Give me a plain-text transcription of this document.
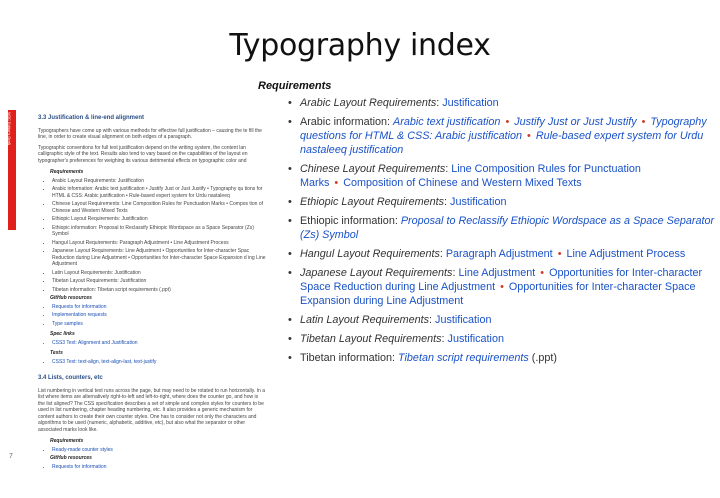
Typography index
W3C Editor's Draft	3.3 Justification & line-end alignment
Typographers have come up with various methods for effective full justification – causing the te fill the line, in order to create visual alignment on both edges of a paragraph.
Typographic conventions for full text justification depend on the writing system, the content lan calligraphic style of the text. Results also tend to vary based on the capabilities of the layout en typographer's preferences for weighing its various detrimental effects on typographic color and
Requirements
• Arabic Layout Requirements: Justification
• Arabic information: Arabic text justification • Justify Just or Just Justify • Typography qu tions for HTML & CSS: Arabic justification • Rule-based expert system for Urdu nastaleeq
• Chinese Layout Requirements: Line Composition Rules for Punctuation Marks • Compos tion of Chinese and Western Mixed Texts
• Ethiopic Layout Requirements: Justification
• Ethiopic information: Proposal to Reclassify Ethiopic Wordspace as a Space Separator (Zs) Symbol
• Hangul Layout Requirements: Paragraph Adjustment • Line Adjustment Process
• Japanese Layout Requirements: Line Adjustment • Opportunities for Inter-character Spac Reduction during Line Adjustment • Opportunities for Inter-character Space Expansion d ing Line Adjustment
• Latin Layout Requirements: Justification
• Tibetan Layout Requirements: Justification
• Tibetan information: Tibetan script requirements (.ppt)
GitHub resources
• Requests for information
• Implementation requests
• Type samples
Spec links
• CSS3 Text: Alignment and Justification
Tests
• CSS3 Text: text-align, text-align-last, text-justify
3.4 Lists, counters, etc
List numbering in vertical text runs across the page, but may need to be rotated to run horizontally. In a list where items are alternatively right-to-left and left-to-right, where does the counter go, and how is the list aligned? The CSS specification describes a set of simple and complex styles for counters to be used in list numbering, chapter heading numbering, etc. It also provides a generic mechanism for content authors to create their own counter styles. One has to consider not only the characters and algorithms to be used (numeric, alphabetic, additive, etc), but also what the separator or other associated marks look like.
Requirements
• Ready-made counter styles
GitHub resources
• Requests for information
7
Requirements
• Arabic Layout Requirements: Justification
• Arabic information: Arabic text justification • Justify Just or Just Justify • Typography questions for HTML & CSS: Arabic justification • Rule-based expert system for Urdu nastaleeq justification
• Chinese Layout Requirements: Line Composition Rules for Punctuation Marks • Composition of Chinese and Western Mixed Texts
• Ethiopic Layout Requirements: Justification
• Ethiopic information: Proposal to Reclassify Ethiopic Wordspace as a Space Separator (Zs) Symbol
• Hangul Layout Requirements: Paragraph Adjustment • Line Adjustment Process
• Japanese Layout Requirements: Line Adjustment • Opportunities for Inter-character Space Reduction during Line Adjustment • Opportunities for Inter-character Space Expansion during Line Adjustment
• Latin Layout Requirements: Justification
• Tibetan Layout Requirements: Justification
• Tibetan information: Tibetan script requirements (.ppt)
